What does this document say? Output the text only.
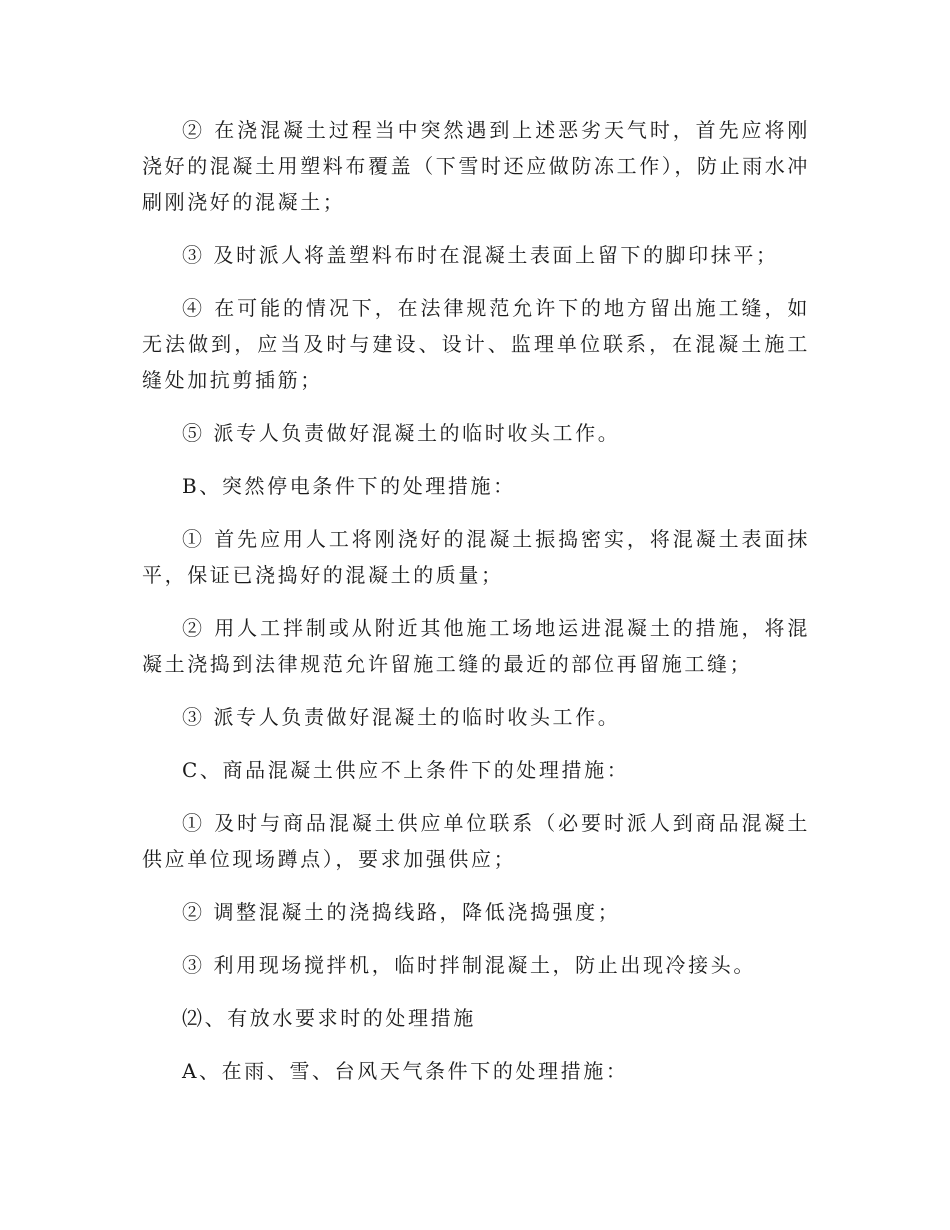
② 在浇混凝土过程当中突然遇到上述恶劣天气时，首先应将刚浇好的混凝土用塑料布覆盖（下雪时还应做防冻工作），防止雨水冲刷刚浇好的混凝土；

③ 及时派人将盖塑料布时在混凝土表面上留下的脚印抹平；

④ 在可能的情况下，在法律规范允许下的地方留出施工缝，如无法做到，应当及时与建设、设计、监理单位联系，在混凝土施工缝处加抗剪插筋；

⑤ 派专人负责做好混凝土的临时收头工作。

B、突然停电条件下的处理措施：

① 首先应用人工将刚浇好的混凝土振捣密实，将混凝土表面抹平，保证已浇捣好的混凝土的质量；

② 用人工拌制或从附近其他施工场地运进混凝土的措施，将混凝土浇捣到法律规范允许留施工缝的最近的部位再留施工缝；

③ 派专人负责做好混凝土的临时收头工作。

C、商品混凝土供应不上条件下的处理措施：

① 及时与商品混凝土供应单位联系（必要时派人到商品混凝土供应单位现场蹲点），要求加强供应；

② 调整混凝土的浇捣线路，降低浇捣强度；

③ 利用现场搅拌机，临时拌制混凝土，防止出现冷接头。

⑵、有放水要求时的处理措施

A、在雨、雪、台风天气条件下的处理措施：
